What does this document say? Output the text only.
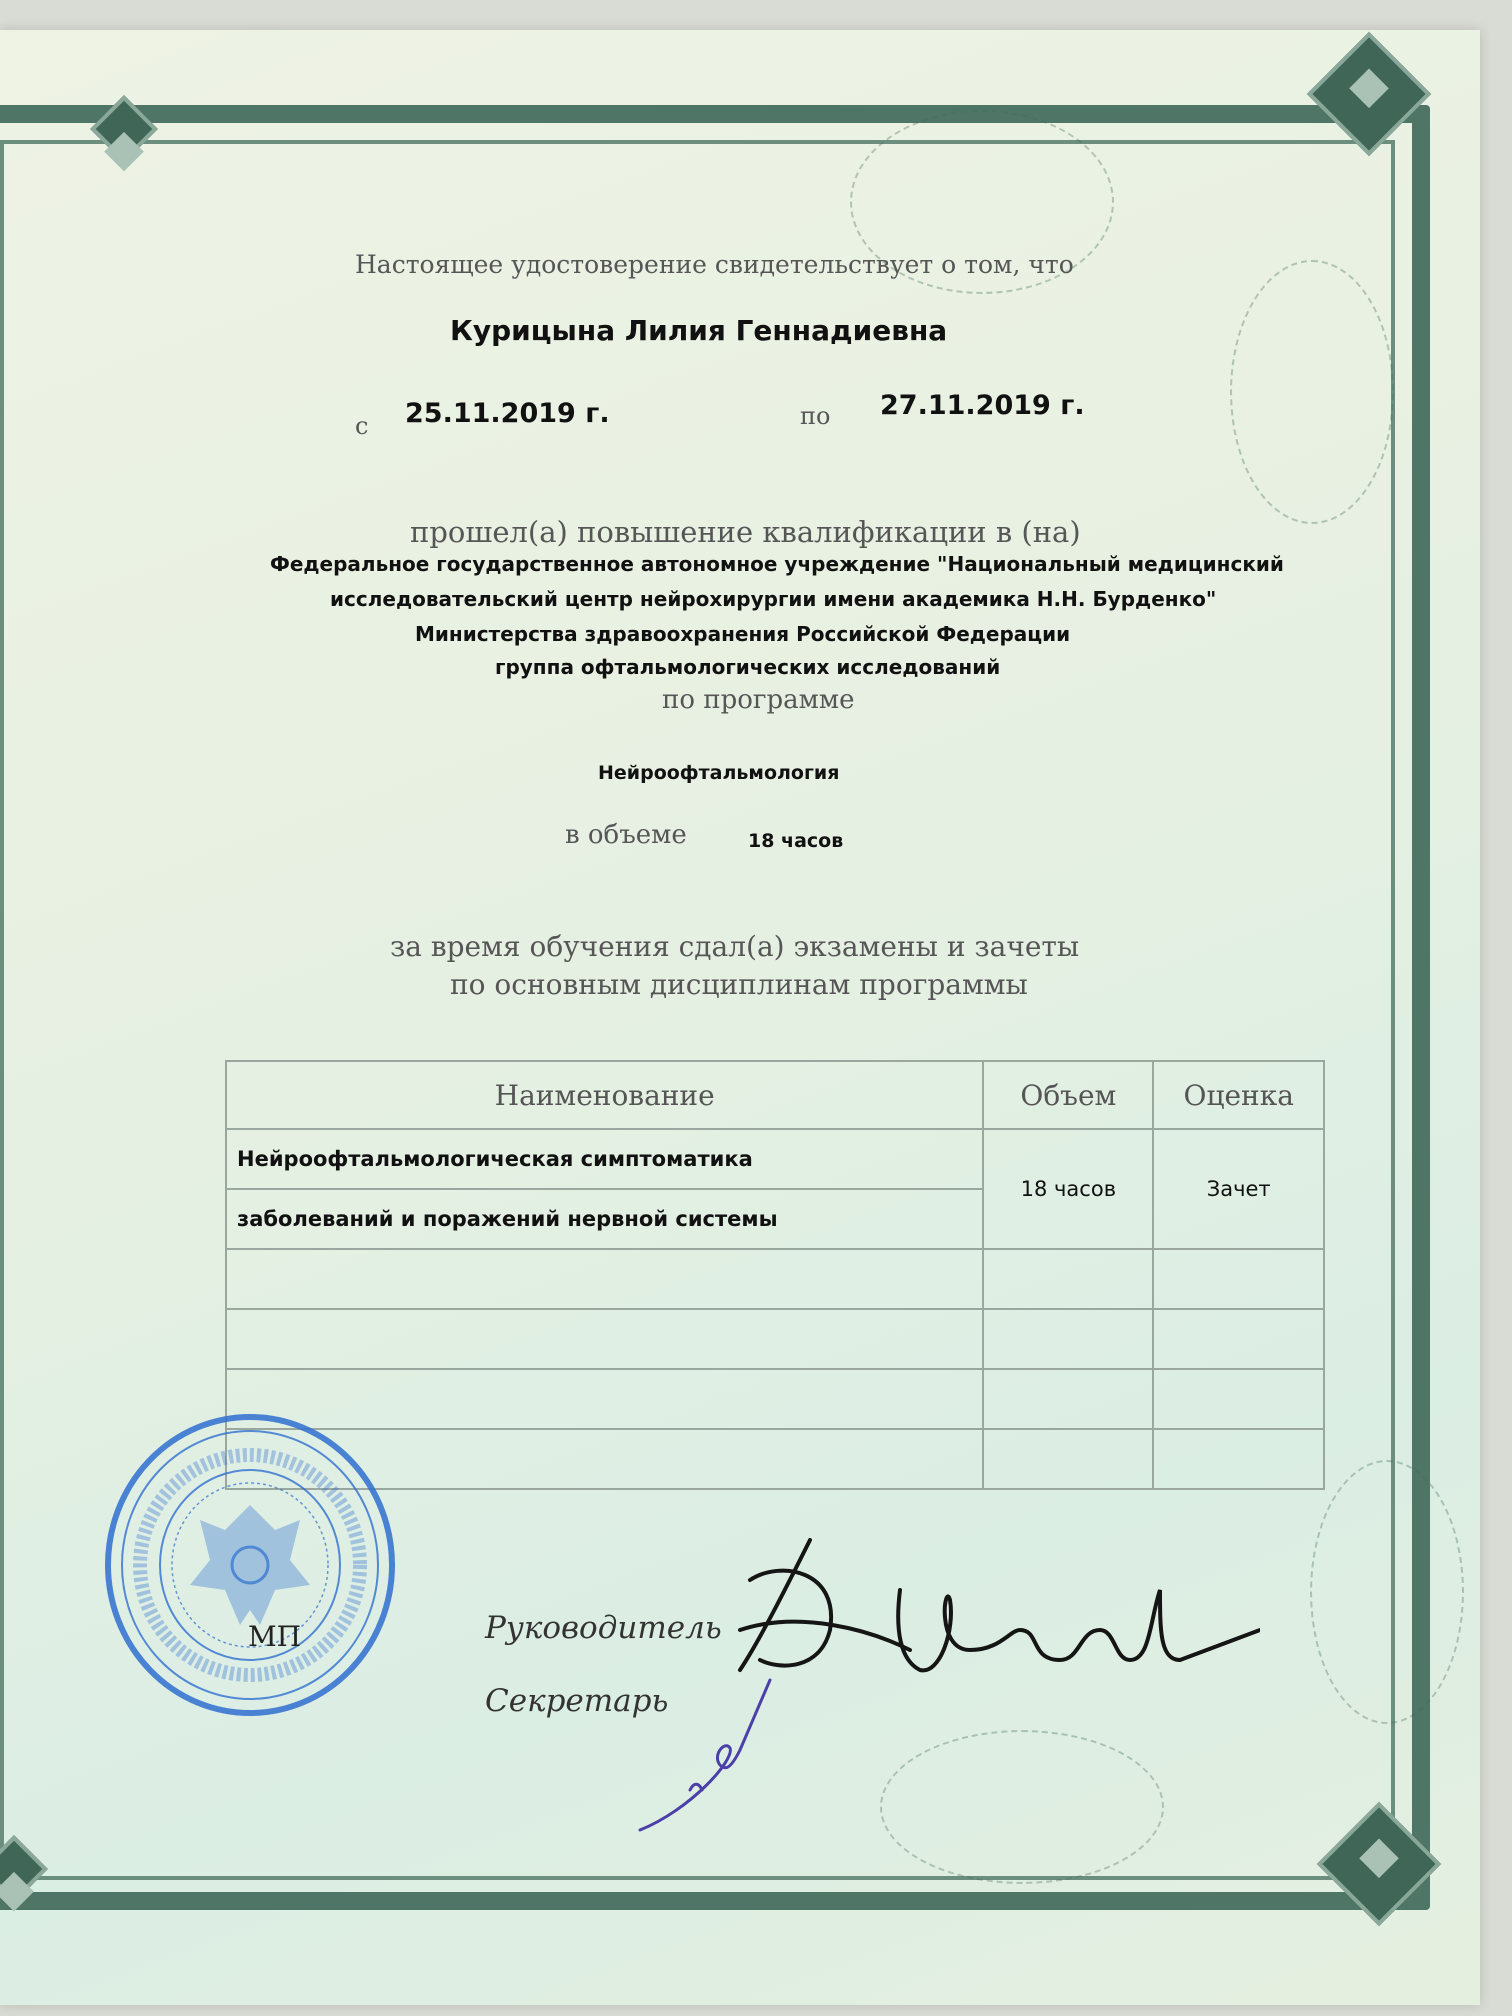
Настоящее удостоверение свидетельствует о том, что
Курицына Лилия Геннадиевна
с 25.11.2019 г.	по 27.11.2019 г.
прошел(а) повышение квалификации в (на)
Федеральное государственное автономное учреждение "Национальный медицинский
исследовательский центр нейрохирургии имени академика Н.Н. Бурденко"
Министерства здравоохранения Российской Федерации
группа офтальмологических исследований
по программе
Нейроофтальмология
в объеме	18 часов
за время обучения сдал(а) экзамены и зачеты
по основным дисциплинам программы
Наименование	Объем	Оценка
Нейроофтальмологическая симптоматика	18 часов	Зачет
заболеваний и поражений нервной системы		

МП	Руководитель
Секретарь
